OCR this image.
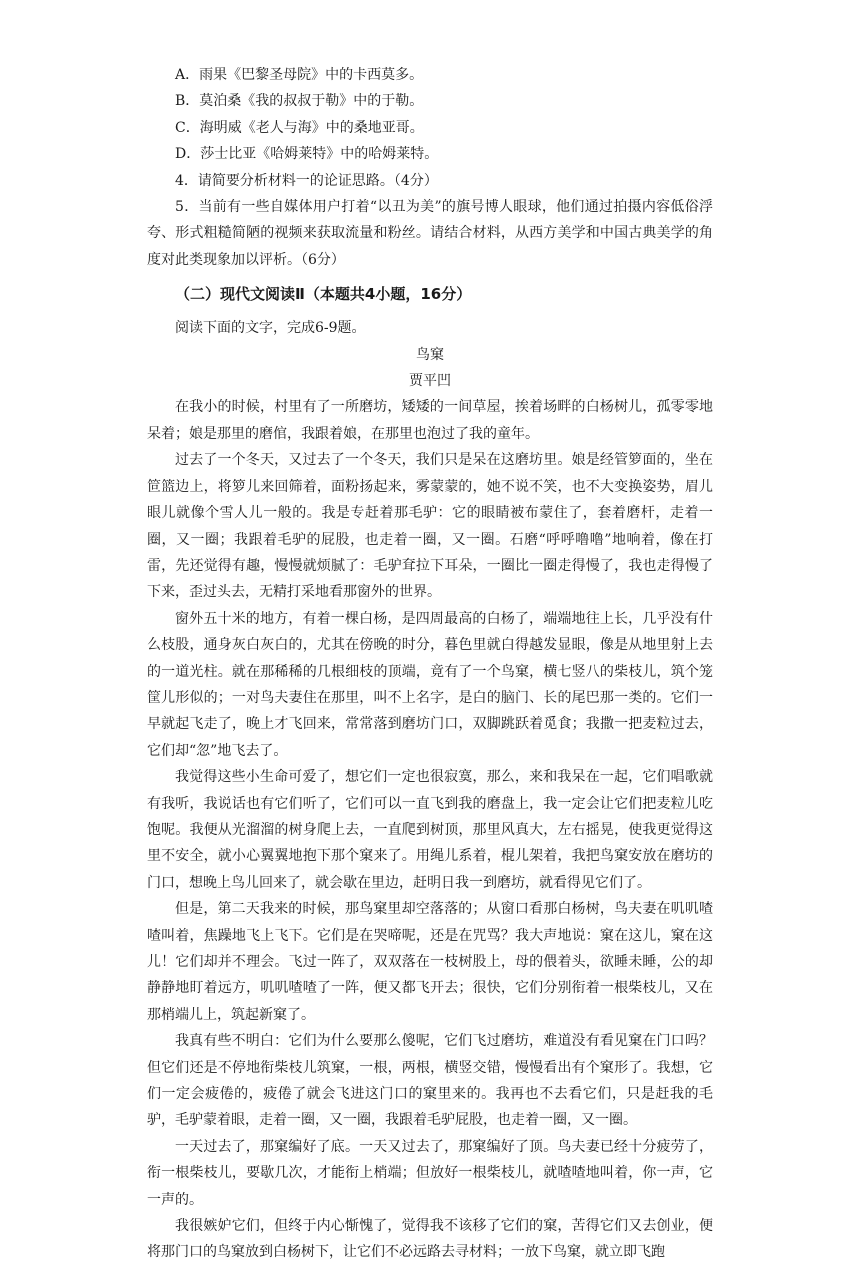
A．雨果《巴黎圣母院》中的卡西莫多。

B．莫泊桑《我的叔叔于勒》中的于勒。

C．海明威《老人与海》中的桑地亚哥。

D．莎士比亚《哈姆莱特》中的哈姆莱特。

4．请简要分析材料一的论证思路。（4分）

5．当前有一些自媒体用户打着“以丑为美”的旗号博人眼球，他们通过拍摄内容低俗浮夸、形式粗糙简陋的视频来获取流量和粉丝。请结合材料，从西方美学和中国古典美学的角度对此类现象加以评析。（6分）

（二）现代文阅读Ⅱ（本题共4小题，16分）

阅读下面的文字，完成6-9题。

鸟窠

贾平凹

在我小的时候，村里有了一所磨坊，矮矮的一间草屋，挨着场畔的白杨树儿，孤零零地呆着；娘是那里的磨倌，我跟着娘，在那里也泡过了我的童年。

过去了一个冬天，又过去了一个冬天，我们只是呆在这磨坊里。娘是经管箩面的，坐在笸篮边上，将箩儿来回筛着，面粉扬起来，雾蒙蒙的，她不说不笑，也不大变换姿势，眉儿眼儿就像个雪人儿一般的。我是专赶着那毛驴：它的眼睛被布蒙住了，套着磨杆，走着一圈，又一圈；我跟着毛驴的屁股，也走着一圈，又一圈。石磨“呼呼噜噜”地响着，像在打雷，先还觉得有趣，慢慢就烦腻了：毛驴耷拉下耳朵，一圈比一圈走得慢了，我也走得慢了下来，歪过头去，无精打采地看那窗外的世界。

窗外五十米的地方，有着一棵白杨，是四周最高的白杨了，端端地往上长，几乎没有什么枝股，通身灰白灰白的，尤其在傍晚的时分，暮色里就白得越发显眼，像是从地里射上去的一道光柱。就在那稀稀的几根细枝的顶端，竟有了一个鸟窠，横七竖八的柴枝儿，筑个笼筐儿形似的；一对鸟夫妻住在那里，叫不上名字，是白的脑门、长的尾巴那一类的。它们一早就起飞走了，晚上才飞回来，常常落到磨坊门口，双脚跳跃着觅食；我撒一把麦粒过去，它们却“忽”地飞去了。

我觉得这些小生命可爱了，想它们一定也很寂寞，那么，来和我呆在一起，它们唱歌就有我听，我说话也有它们听了，它们可以一直飞到我的磨盘上，我一定会让它们把麦粒儿吃饱呢。我便从光溜溜的树身爬上去，一直爬到树顶，那里风真大，左右摇晃，使我更觉得这里不安全，就小心翼翼地抱下那个窠来了。用绳儿系着，棍儿架着，我把鸟窠安放在磨坊的门口，想晚上鸟儿回来了，就会歇在里边，赶明日我一到磨坊，就看得见它们了。

但是，第二天我来的时候，那鸟窠里却空落落的；从窗口看那白杨树，鸟夫妻在叽叽喳喳叫着，焦躁地飞上飞下。它们是在哭啼呢，还是在咒骂？我大声地说：窠在这儿，窠在这儿！它们却并不理会。飞过一阵了，双双落在一枝树股上，母的偎着头，欲睡未睡，公的却静静地盯着远方，叽叽喳喳了一阵，便又都飞开去；很快，它们分别衔着一根柴枝儿，又在那梢端儿上，筑起新窠了。

我真有些不明白：它们为什么要那么傻呢，它们飞过磨坊，难道没有看见窠在门口吗？但它们还是不停地衔柴枝儿筑窠，一根，两根，横竖交错，慢慢看出有个窠形了。我想，它们一定会疲倦的，疲倦了就会飞进这门口的窠里来的。我再也不去看它们，只是赶我的毛驴，毛驴蒙着眼，走着一圈，又一圈，我跟着毛驴屁股，也走着一圈，又一圈。

一天过去了，那窠编好了底。一天又过去了，那窠编好了顶。鸟夫妻已经十分疲劳了，衔一根柴枝儿，要歇几次，才能衔上梢端；但放好一根柴枝儿，就喳喳地叫着，你一声，它一声的。

我很嫉妒它们，但终于内心惭愧了，觉得我不该移了它们的窠，苦得它们又去创业，便将那门口的鸟窠放到白杨树下，让它们不必远路去寻材料；一放下鸟窠，就立即飞跑
